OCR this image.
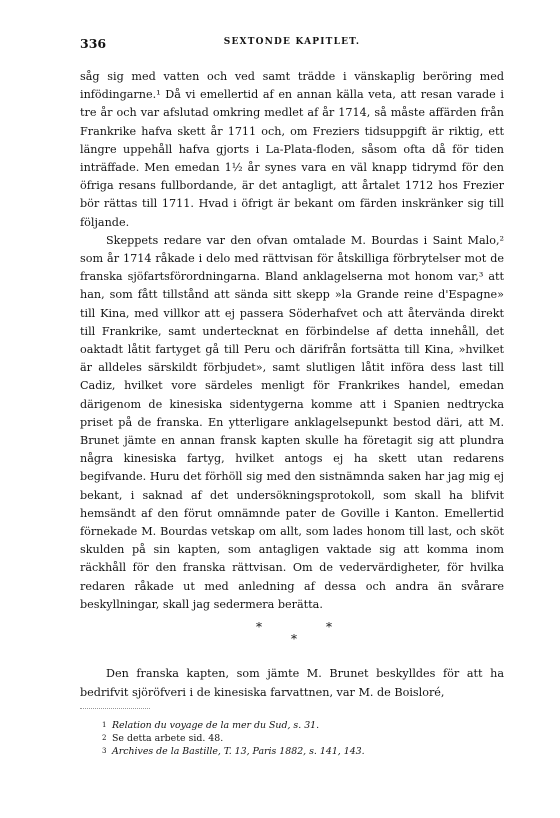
336	SEXTONDE KAPITLET.

såg sig med vatten och ved samt trädde i vänskaplig beröring med infödingarne.¹ Då vi emellertid af en annan källa veta, att resan varade i tre år och var afslutad omkring medlet af år 1714, så måste affärden från Frankrike hafva skett år 1711 och, om Freziers tidsuppgift är riktig, ett längre uppehåll hafva gjorts i La-Plata-floden, såsom ofta då för tiden inträffade. Men emedan 1½ år synes vara en väl knapp tidrymd för den öfriga resans fullbordande, är det antagligt, att årtalet 1712 hos Frezier bör rättas till 1711. Hvad i öfrigt är bekant om färden inskränker sig till följande.

Skeppets redare var den ofvan omtalade M. Bourdas i Saint Malo,² som år 1714 råkade i delo med rättvisan för åtskilliga förbrytelser mot de franska sjöfartsförordningarna. Bland anklagelserna mot honom var,³ att han, som fått tillstånd att sända sitt skepp »la Grande reine d'Espagne» till Kina, med villkor att ej passera Söderhafvet och att återvända direkt till Frankrike, samt undertecknat en förbindelse af detta innehåll, det oaktadt låtit fartyget gå till Peru och därifrån fortsätta till Kina, »hvilket är alldeles särskildt förbjudet», samt slutligen låtit införa dess last till Cadiz, hvilket vore särdeles menligt för Frankrikes handel, emedan därigenom de kinesiska sidentygerna komme att i Spanien nedtrycka priset på de franska. En ytterligare anklagelsepunkt bestod däri, att M. Brunet jämte en annan fransk kapten skulle ha företagit sig att plundra några kinesiska fartyg, hvilket antogs ej ha skett utan redarens begifvande. Huru det förhöll sig med den sistnämnda saken har jag mig ej bekant, i saknad af det undersökningsprotokoll, som skall ha blifvit hemsändt af den förut omnämnde pater de Goville i Kanton. Emellertid förnekade M. Bourdas vetskap om allt, som lades honom till last, och sköt skulden på sin kapten, som antagligen vaktade sig att komma inom räckhåll för den franska rättvisan. Om de vedervärdigheter, för hvilka redaren råkade ut med anledning af dessa och andra än svårare beskyllningar, skall jag sedermera berätta.

*	*
*

Den franska kapten, som jämte M. Brunet beskylldes för att ha bedrifvit sjöröfveri i de kinesiska farvattnen, var M. de Boisloré,

1 Relation du voyage de la mer du Sud, s. 31.
2 Se detta arbete sid. 48.
3 Archives de la Bastille, T. 13, Paris 1882, s. 141, 143.
